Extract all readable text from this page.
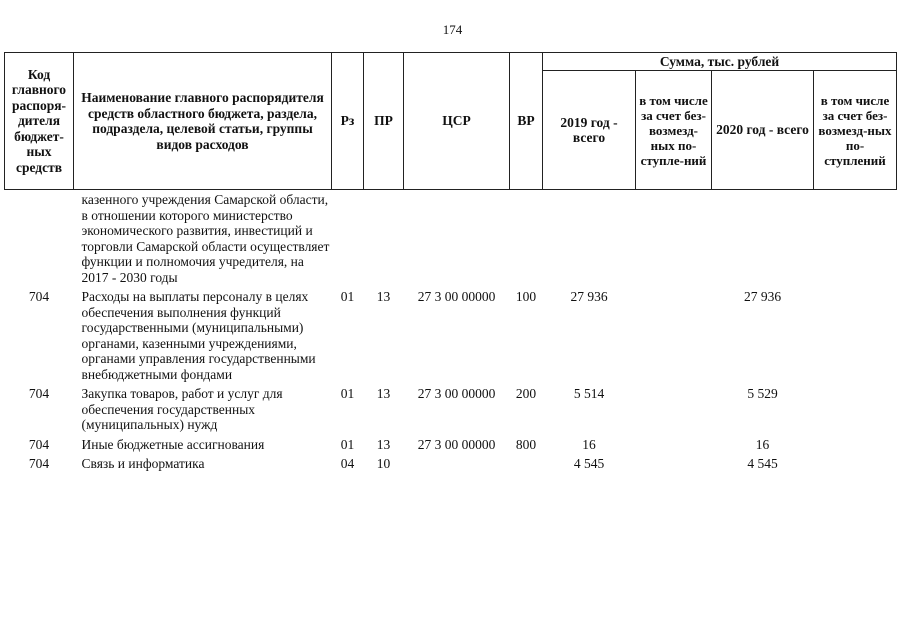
174
Код главного распоря-дителя бюджет-ных средств	Наименование главного распорядителя средств областного бюджета, раздела, подраздела, целевой статьи, группы видов расходов	Рз	ПР	ЦСР	ВР	Сумма, тыс. рублей			
						2019 год - всего	в том числе за счет без-возмезд-ных по-ступле-ний	2020 год - всего	в том числе за счет без-возмезд-ных по-ступлений
	казенного учреждения Самарской области, в отношении которого министерство экономического развития, инвестиций и торговли Самарской области осуществляет функции и полномочия учредителя, на 2017 - 2030 годы								
704	Расходы на выплаты персоналу в целях обеспечения выполнения функций государственными (муниципальными) органами, казенными учреждениями, органами управления государственными внебюджетными фондами	01	13	27 3 00 00000	100	27 936		27 936	
704	Закупка товаров, работ и услуг для обеспечения государственных (муниципальных) нужд	01	13	27 3 00 00000	200	5 514		5 529	
704	Иные бюджетные ассигнования	01	13	27 3 00 00000	800	16		16	
704	Связь и информатика	04	10			4 545		4 545	
